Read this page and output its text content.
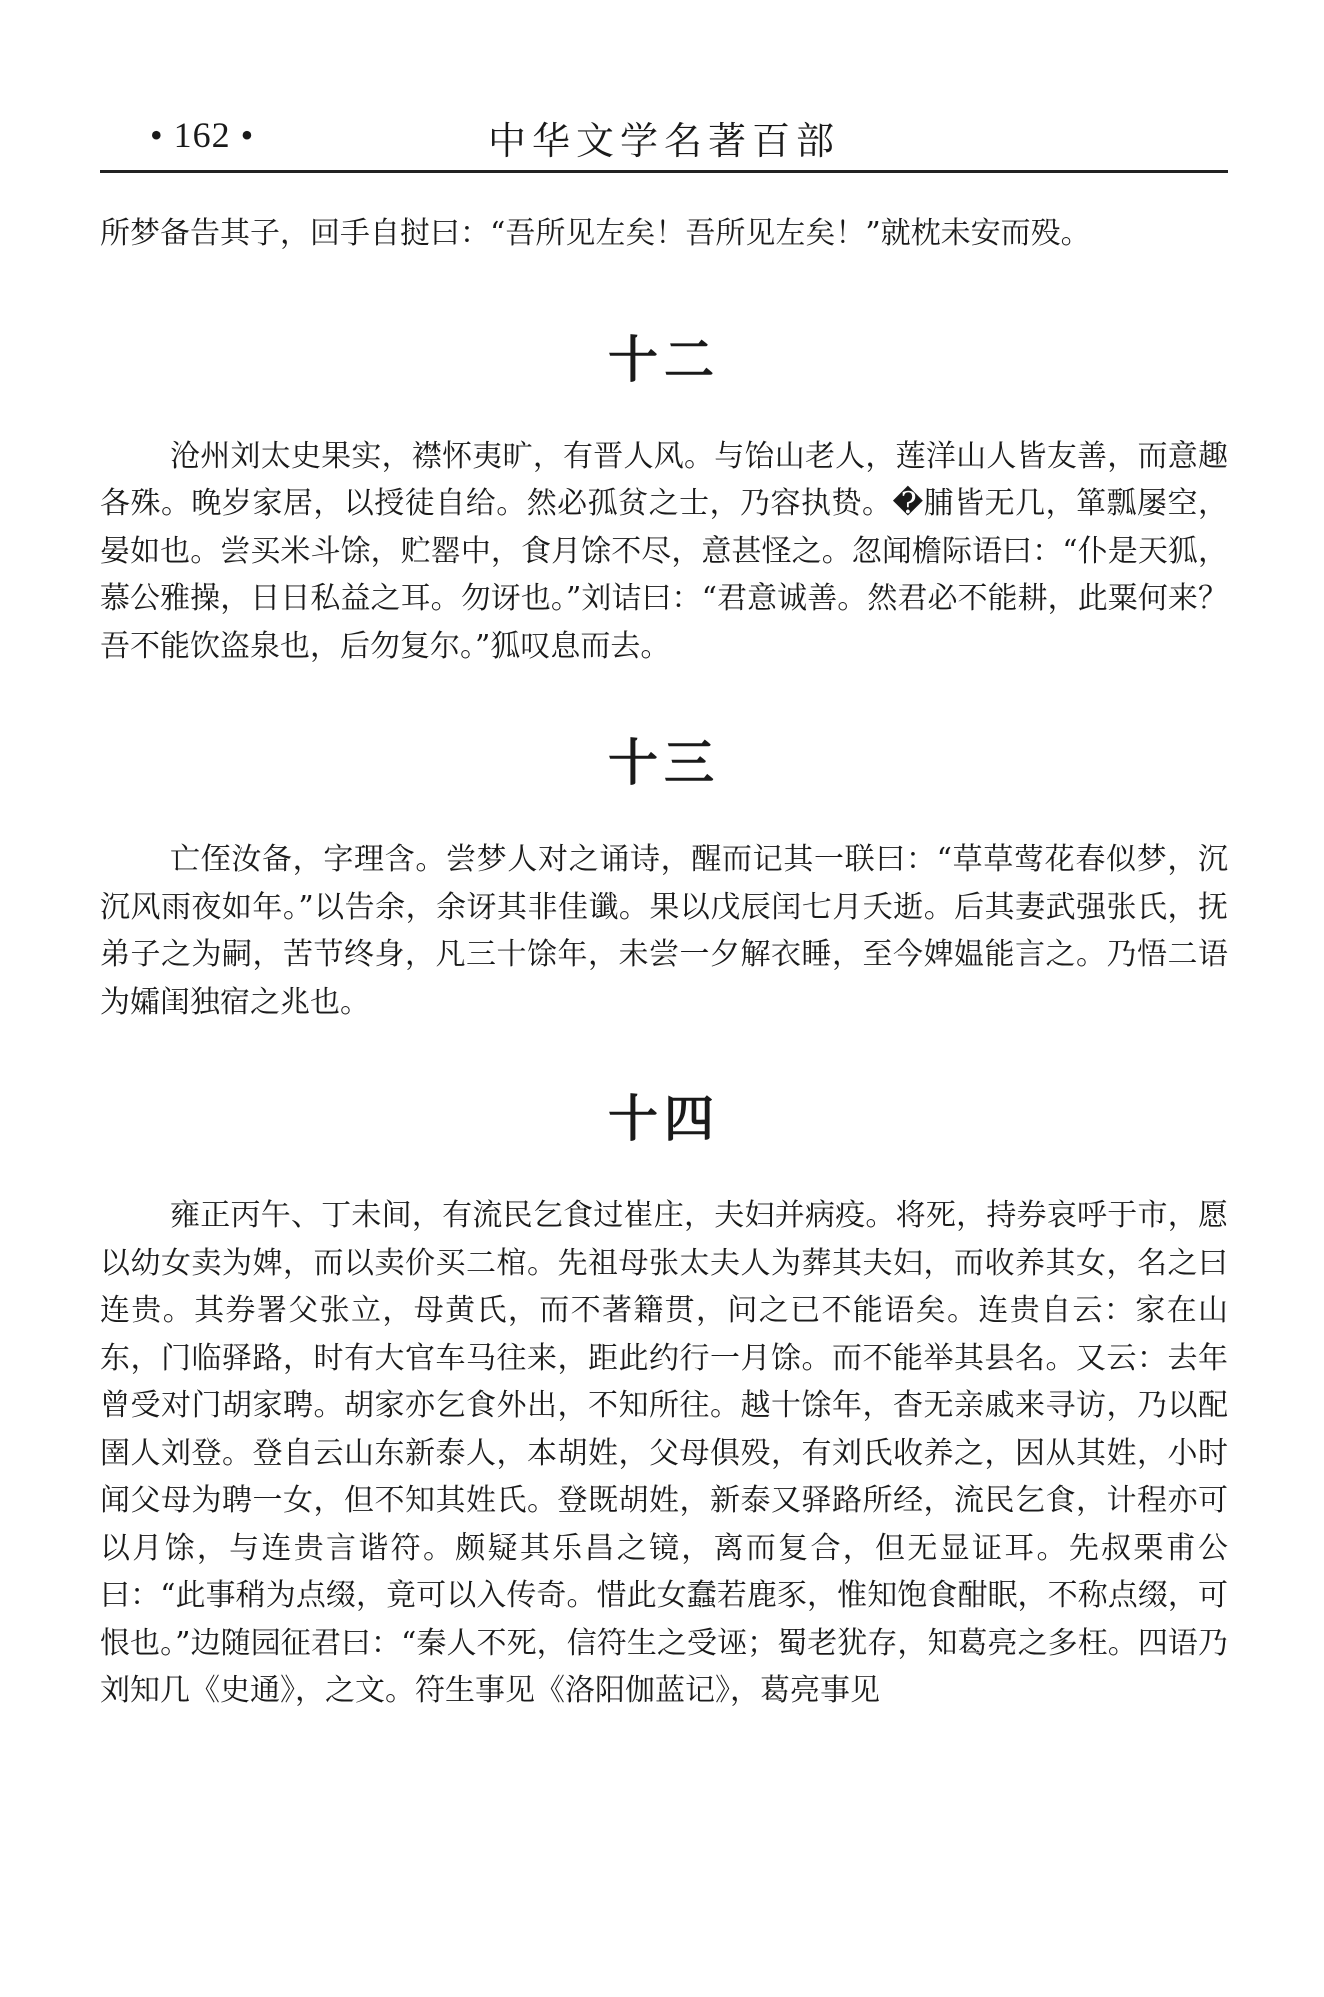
• 162 •	中华文学名著百部

所梦备告其子，回手自挝曰：“吾所见左矣！吾所见左矣！”就枕未安而殁。

十二

沧州刘太史果实，襟怀夷旷，有晋人风。与饴山老人，莲洋山人皆友善，而意趣各殊。晚岁家居，以授徒自给。然必孤贫之士，乃容执贽。�脯皆无几，箪瓢屡空，晏如也。尝买米斗馀，贮罂中，食月馀不尽，意甚怪之。忽闻檐际语曰：“仆是天狐，慕公雅操，日日私益之耳。勿讶也。”刘诘曰：“君意诚善。然君必不能耕，此粟何来？吾不能饮盗泉也，后勿复尔。”狐叹息而去。

十三

亡侄汝备，字理含。尝梦人对之诵诗，醒而记其一联曰：“草草莺花春似梦，沉沉风雨夜如年。”以告余，余讶其非佳谶。果以戊辰闰七月夭逝。后其妻武强张氏，抚弟子之为嗣，苦节终身，凡三十馀年，未尝一夕解衣睡，至今婢媪能言之。乃悟二语为孀闺独宿之兆也。

十四

雍正丙午、丁未间，有流民乞食过崔庄，夫妇并病疫。将死，持券哀呼于市，愿以幼女卖为婢，而以卖价买二棺。先祖母张太夫人为葬其夫妇，而收养其女，名之曰连贵。其券署父张立，母黄氏，而不著籍贯，问之已不能语矣。连贵自云：家在山东，门临驿路，时有大官车马往来，距此约行一月馀。而不能举其县名。又云：去年曾受对门胡家聘。胡家亦乞食外出，不知所往。越十馀年，杳无亲戚来寻访，乃以配圉人刘登。登自云山东新泰人，本胡姓，父母俱殁，有刘氏收养之，因从其姓，小时闻父母为聘一女，但不知其姓氏。登既胡姓，新泰又驿路所经，流民乞食，计程亦可以月馀，与连贵言谐符。颇疑其乐昌之镜，离而复合，但无显证耳。先叔栗甫公曰：“此事稍为点缀，竟可以入传奇。惜此女蠢若鹿豕，惟知饱食酣眠，不称点缀，可恨也。”边随园征君曰：“秦人不死，信符生之受诬；蜀老犹存，知葛亮之多枉。四语乃刘知几《史通》，之文。符生事见《洛阳伽蓝记》，葛亮事见
